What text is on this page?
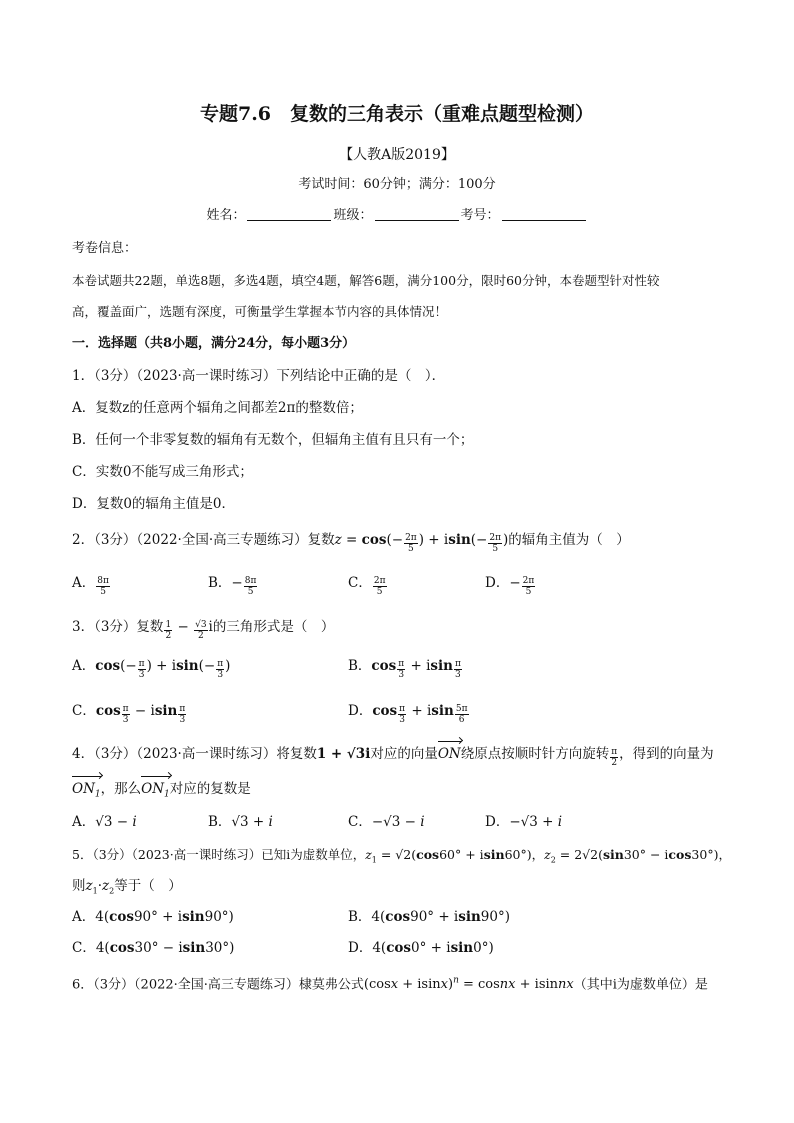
专题7.6　复数的三角表示（重难点题型检测）
【人教A版2019】
考试时间：60分钟；满分：100分
姓名：	班级：	考号：
考卷信息：
本卷试题共22题，单选8题，多选4题，填空4题，解答6题，满分100分，限时60分钟，本卷题型针对性较
高，覆盖面广，选题有深度，可衡量学生掌握本节内容的具体情况！
一．选择题（共8小题，满分24分，每小题3分）
1．（3分）（2023·高一课时练习）下列结论中正确的是（　）．
A．复数z的任意两个辐角之间都差2π的整数倍；
B．任何一个非零复数的辐角有无数个，但辐角主值有且只有一个；
C．实数0不能写成三角形式；
D．复数0的辐角主值是0．
2．（3分）（2022·全国·高三专题练习）复数$z = \cos(- \frac{2\pi}{5}$ ) + $isin(- \frac{2\pi}{5}$ )的辐角主值为（　）
A． $\frac{8\pi}{5}$	B．− $\frac{8\pi}{5}$	C． $\frac{2\pi}{5}$	D．− $\frac{2\pi}{5}$
3．（3分）复数 $\frac{1}{2} - \frac{√3}{2}$ i的三角形式是（　）
A．$\cos(- \frac{\pi}{3}$ ) + $isin(- \frac{\pi}{3}$ )	B．$\cos \frac{\pi}{3} + isin \frac{\pi}{3}$
C．$\cos \frac{\pi}{3} - isin \frac{\pi}{3}$	D．$\cos \frac{\pi}{3} + isin \frac{5\pi}{6}$
4．（3分）（2023·高一课时练习）将复数1 + √3i对应的向量ON绕原点按顺时针方向旋转 $\frac{\pi}{2}$ ，得到的向量为
$ON_1$，那么$ON_1$对应的复数是
A．√3 − i	B．√3 + i	C．−√3 − i	D．−√3 + i
5．（3分）（2023·高一课时练习）已知i为虚数单位，$z_1 = √2(\cos 60^\circ + isin60^\circ)$，$z_2 = 2√2(\sin 30^\circ - icos30^\circ)$，
则$z_1\cdot z_2$等于（　）
A．4(cos90° + isin90°)	B．4(cos90° + isin90°)
C．4(cos30° − isin30°)	D．4(cos0° + isin0°)
6．（3分）（2022·全国·高三专题练习）棣莫弗公式$(\cos x + isinx)^n$ = cosnx + isinnx（其中i为虚数单位）是
